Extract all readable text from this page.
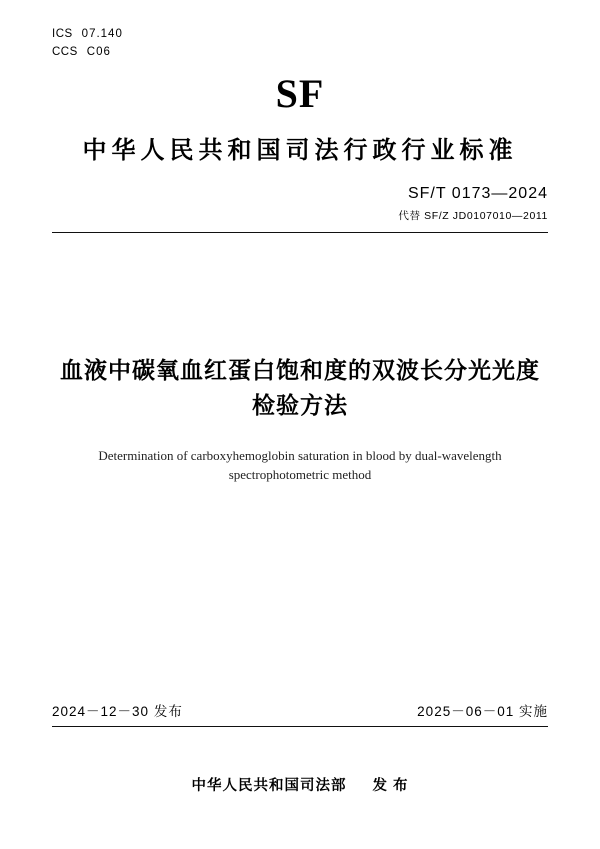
ICS 07.140
CCS C06
SF
中华人民共和国司法行政行业标准
SF/T 0173—2024
代替 SF/Z JD0107010—2011
血液中碳氧血红蛋白饱和度的双波长分光光度检验方法
Determination of carboxyhemoglobin saturation in blood by dual-wavelength
spectrophotometric method
2024－12－30 发布	2025－06－01 实施
中华人民共和国司法部 发 布
